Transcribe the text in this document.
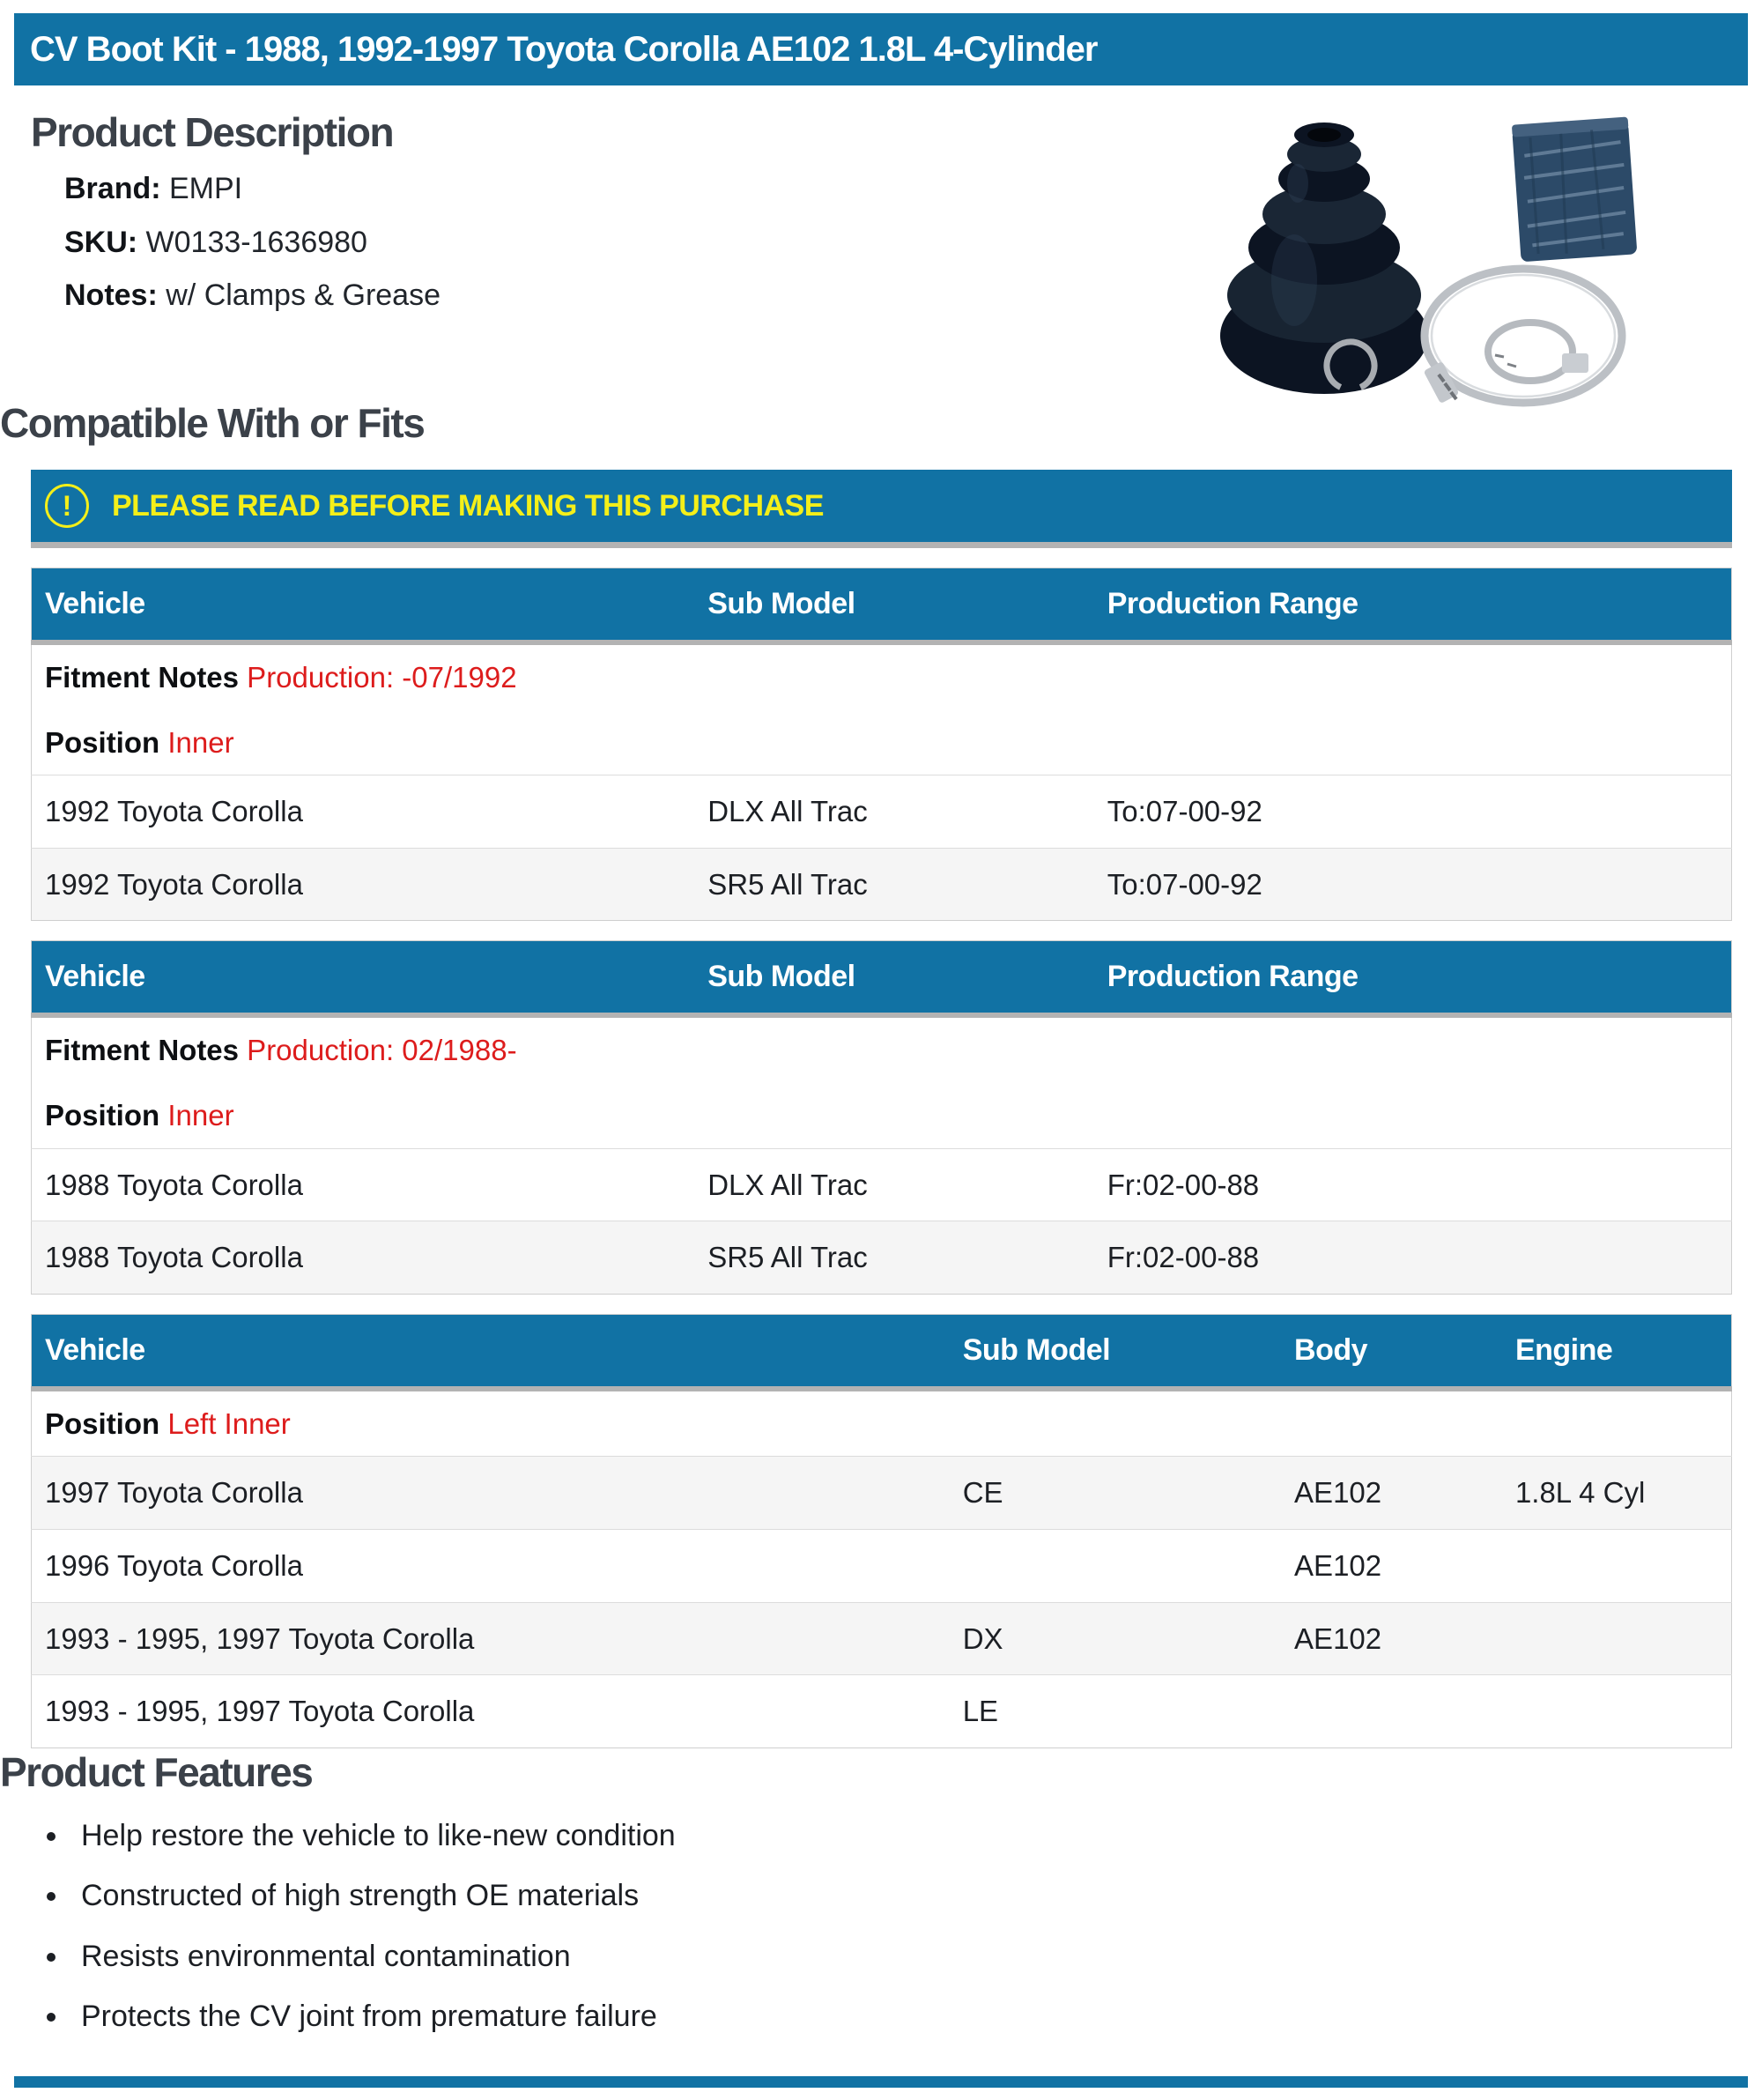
CV Boot Kit - 1988, 1992-1997 Toyota Corolla AE102 1.8L 4-Cylinder
Product Description
Brand: EMPI
SKU: W0133-1636980
Notes: w/ Clamps & Grease
Compatible With or Fits
!	PLEASE READ BEFORE MAKING THIS PURCHASE
Vehicle	Sub Model	Production Range
Fitment Notes Production: -07/1992		
Position Inner		
1992 Toyota Corolla	DLX All Trac	To:07-00-92
1992 Toyota Corolla	SR5 All Trac	To:07-00-92
Vehicle	Sub Model	Production Range
Fitment Notes Production: 02/1988-		
Position Inner		
1988 Toyota Corolla	DLX All Trac	Fr:02-00-88
1988 Toyota Corolla	SR5 All Trac	Fr:02-00-88
Vehicle	Sub Model	Body	Engine
Position Left Inner			
1997 Toyota Corolla	CE	AE102	1.8L 4 Cyl
1996 Toyota Corolla		AE102	
1993 - 1995, 1997 Toyota Corolla	DX	AE102	
1993 - 1995, 1997 Toyota Corolla	LE		
Product Features
• Help restore the vehicle to like-new condition
• Constructed of high strength OE materials
• Resists environmental contamination
• Protects the CV joint from premature failure
